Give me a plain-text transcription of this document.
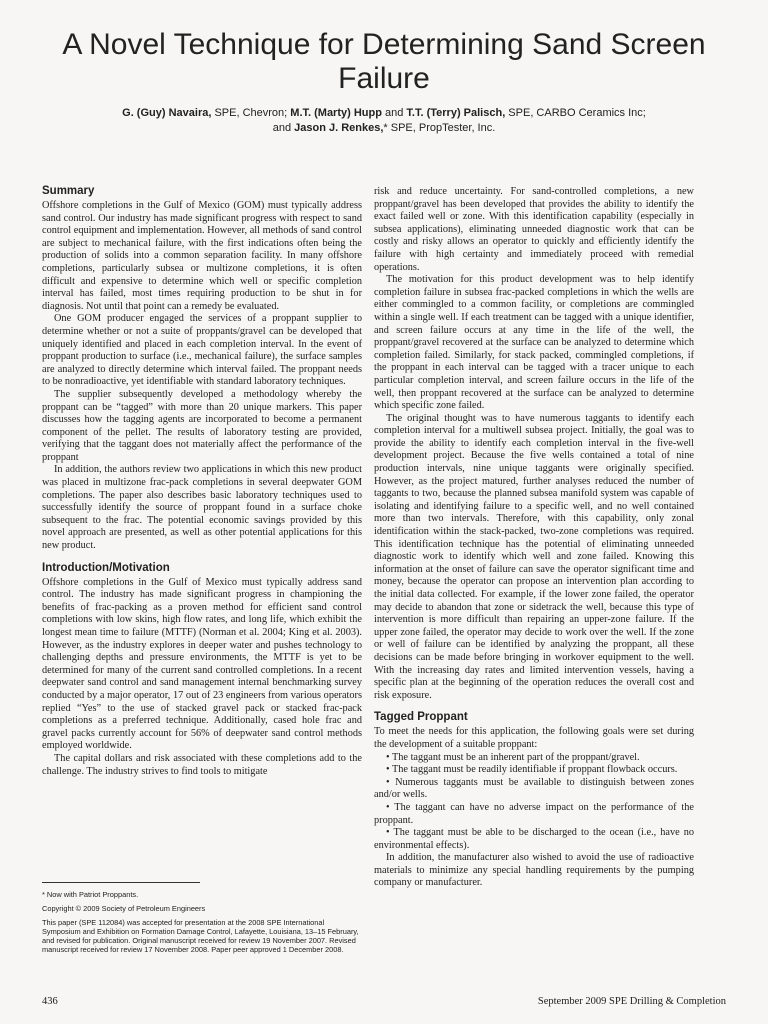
A Novel Technique for Determining Sand Screen Failure
G. (Guy) Navaira, SPE, Chevron; M.T. (Marty) Hupp and T.T. (Terry) Palisch, SPE, CARBO Ceramics Inc;
and Jason J. Renkes,* SPE, PropTester, Inc.
Summary

Offshore completions in the Gulf of Mexico (GOM) must typically address sand control. Our industry has made significant progress with respect to sand control equipment and implementation. However, all methods of sand control are subject to mechanical failure, with the first indications often being the production of solids into a common separation facility. In many offshore completions, particularly subsea or multizone completions, it is often difficult and expensive to determine which well or specific completion interval has failed, most times requiring production to be shut in for diagnosis. Not until that point can a remedy be evaluated.

One GOM producer engaged the services of a proppant supplier to determine whether or not a suite of proppants/gravel can be developed that uniquely identified and placed in each completion interval. In the event of proppant production to surface (i.e., mechanical failure), the surface samples are analyzed to directly determine which interval failed. The proppant needs to be nonradioactive, yet identifiable with standard laboratory techniques.

The supplier subsequently developed a methodology whereby the proppant can be “tagged” with more than 20 unique markers. This paper discusses how the tagging agents are incorporated to become a permanent component of the pellet. The results of laboratory testing are provided, verifying that the taggant does not materially affect the performance of the proppant

In addition, the authors review two applications in which this new product was placed in multizone frac-pack completions in several deepwater GOM completions. The paper also describes basic laboratory techniques used to successfully identify the source of proppant found in a surface choke subsequent to the frac. The potential economic savings provided by this novel approach are presented, as well as other potential applications for this new product.

Introduction/Motivation

Offshore completions in the Gulf of Mexico must typically address sand control. The industry has made significant progress in championing the benefits of frac-packing as a proven method for efficient sand control completions with low skins, high flow rates, and long life, which exhibit the longest mean time to failure (MTTF) (Norman et al. 2004; King et al. 2003). However, as the industry explores in deeper water and pushes technology to challenging depths and pressure environments, the MTTF is yet to be determined for many of the current sand controlled completions. In a recent deepwater sand control and sand management internal benchmarking survey conducted by a major operator, 17 out of 23 engineers from various operators replied “Yes” to the use of stacked gravel pack or stacked frac-pack completions as a preferred technique. Additionally, cased hole frac and gravel packs currently account for 56% of deepwater sand control methods employed worldwide.

The capital dollars and risk associated with these completions add to the challenge. The industry strives to find tools to mitigate

* Now with Patriot Proppants.

Copyright © 2009 Society of Petroleum Engineers

This paper (SPE 112084) was accepted for presentation at the 2008 SPE International Symposium and Exhibition on Formation Damage Control, Lafayette, Louisiana, 13–15 February, and revised for publication. Original manuscript received for review 19 November 2007. Revised manuscript received for review 17 November 2008. Paper peer approved 1 December 2008.

risk and reduce uncertainty. For sand-controlled completions, a new proppant/gravel has been developed that provides the ability to identify the exact failed well or zone. With this identification capability (especially in subsea applications), eliminating unneeded diagnostic work that can be costly and risky allows an operator to quickly and efficiently identify the failure with high certainty and immediately proceed with remedial operations.

The motivation for this product development was to help identify completion failure in subsea frac-packed completions in which the wells are either commingled to a common facility, or completions are commingled within a single well. If each treatment can be tagged with a unique identifier, and screen failure occurs at any time in the life of the well, the proppant/gravel recovered at the surface can be analyzed to determine which completion failed. Similarly, for stack packed, commingled completions, if the proppant in each interval can be tagged with a tracer unique to each particular completion interval, and screen failure occurs in the life of the well, then proppant recovered at the surface can be analyzed to determine which specific zone failed.

The original thought was to have numerous taggants to identify each completion interval for a multiwell subsea project. Initially, the goal was to provide the ability to identify each completion interval in the five-well development project. Because the five wells contained a total of nine production intervals, nine unique taggants were originally specified. However, as the project matured, further analyses reduced the number of taggants to two, because the planned subsea manifold system was capable of isolating and identifying failure to a specific well, and no well contained more than two intervals. Therefore, with this capability, only zonal identification within the stack-packed, two-zone completions was required. This identification technique has the potential of eliminating unneeded diagnostic work to identify which well and zone failed. Knowing this information at the onset of failure can save the operator significant time and money, because the operator can propose an intervention plan according to the initial data collected. For example, if the lower zone failed, the operator may decide to abandon that zone or sidetrack the well, because this type of intervention is more difficult than repairing an upper-zone failure. If the upper zone failed, the operator may decide to work over the well. If the zone or well of failure can be identified by analyzing the proppant, all these decisions can be made before bringing in workover equipment to the well. With the increasing day rates and limited intervention vessels, having a specific plan at the beginning of the operation reduces the overall cost and risk exposure.

Tagged Proppant

To meet the needs for this application, the following goals were set during the development of a suitable proppant:

• The taggant must be an inherent part of the proppant/gravel.

• The taggant must be readily identifiable if proppant flowback occurs.

• Numerous taggants must be available to distinguish between zones and/or wells.

• The taggant can have no adverse impact on the performance of the proppant.

• The taggant must be able to be discharged to the ocean (i.e., have no environmental effects).

In addition, the manufacturer also wished to avoid the use of radioactive materials to minimize any special handling requirements by the pumping company or manufacturer.

436	September 2009 SPE Drilling & Completion
